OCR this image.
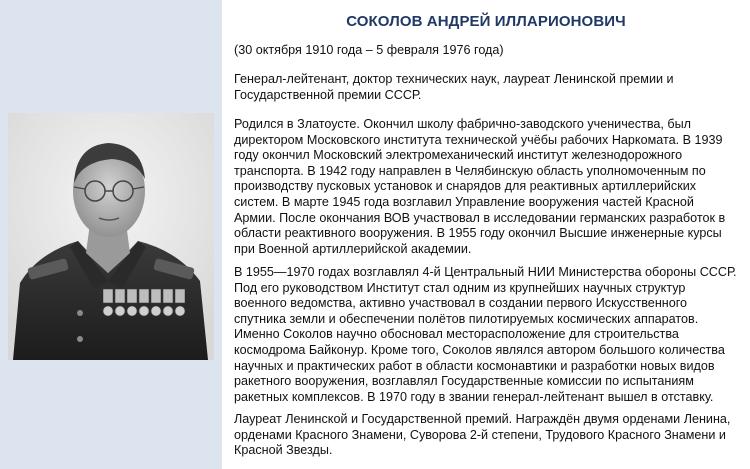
СОКОЛОВ АНДРЕЙ ИЛЛАРИОНОВИЧ

(30 октября 1910 года – 5 февраля 1976 года)

Генерал-лейтенант, доктор технических наук, лауреат Ленинской премии и Государственной премии СССР.

Родился в Златоусте. Окончил школу фабрично-заводского ученичества, был директором Московского института технической учёбы рабочих Наркомата. В 1939 году окончил Московский электромеханический институт железнодорожного транспорта. В 1942 году направлен в Челябинскую область уполномоченным по производству пусковых установок и снарядов для реактивных артиллерийских систем. В марте 1945 года возглавил Управление вооружения частей Красной Армии. После окончания ВОВ участвовал в исследовании германских разработок в области реактивного вооружения. В 1955 году окончил Высшие инженерные курсы при Военной артиллерийской академии.

В 1955—1970 годах возглавлял 4-й Центральный НИИ Министерства обороны СССР. Под его руководством Институт стал одним из крупнейших научных структур военного ведомства, активно участвовал в создании первого Искусственного спутника земли и обеспечении полётов пилотируемых космических аппаратов. Именно Соколов научно обосновал месторасположение для строительства космодрома Байконур. Кроме того, Соколов являлся автором большого количества научных и практических работ в области космонавтики и разработки новых видов ракетного вооружения, возглавлял Государственные комиссии по испытаниям ракетных комплексов. В 1970 году в звании генерал-лейтенант вышел в отставку.

Лауреат Ленинской и Государственной премий. Награждён двумя орденами Ленина, орденами Красного Знамени, Суворова 2-й степени, Трудового Красного Знамени и Красной Звезды.
